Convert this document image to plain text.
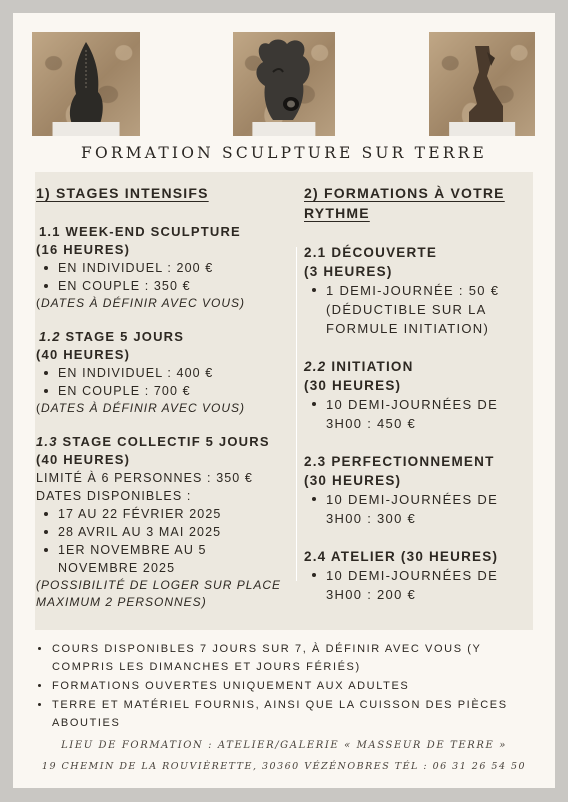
FORMATION SCULPTURE SUR TERRE
1) STAGES INTENSIFS
1.1 WEEK-END SCULPTURE
(16 HEURES)
EN INDIVIDUEL : 200 €
EN COUPLE : 350 €
(DATES À DÉFINIR AVEC VOUS)
1.2 STAGE 5 JOURS
(40 HEURES)
EN INDIVIDUEL : 400 €
EN COUPLE : 700 €
(DATES À DÉFINIR AVEC VOUS)
1.3 STAGE COLLECTIF 5 JOURS
(40 HEURES)
LIMITÉ À 6 PERSONNES : 350 €
DATES DISPONIBLES :
17 AU 22 FÉVRIER 2025
28 AVRIL AU 3 MAI 2025
1ER NOVEMBRE AU 5 NOVEMBRE 2025
(POSSIBILITÉ DE LOGER SUR PLACE MAXIMUM 2 PERSONNES)
2) FORMATIONS À VOTRE RYTHME
2.1 DÉCOUVERTE
(3 HEURES)
1 DEMI-JOURNÉE : 50 € (DÉDUCTIBLE SUR LA FORMULE INITIATION)
2.2 INITIATION
(30 HEURES)
10 DEMI-JOURNÉES DE 3H00 : 450 €
2.3 PERFECTIONNEMENT
(30 HEURES)
10 DEMI-JOURNÉES DE 3H00 : 300 €
2.4 ATELIER (30 HEURES)
10 DEMI-JOURNÉES DE 3H00 : 200 €
COURS DISPONIBLES 7 JOURS SUR 7, À DÉFINIR AVEC VOUS (Y COMPRIS LES DIMANCHES ET JOURS FÉRIÉS)
FORMATIONS OUVERTES UNIQUEMENT AUX ADULTES
TERRE ET MATÉRIEL FOURNIS, AINSI QUE LA CUISSON DES PIÈCES ABOUTIES
LIEU DE FORMATION : ATELIER/GALERIE « MASSEUR DE TERRE »
19 CHEMIN DE LA ROUVIÈRETTE, 30360 VÉZÉNOBRES TÉL : 06 31 26 54 50
